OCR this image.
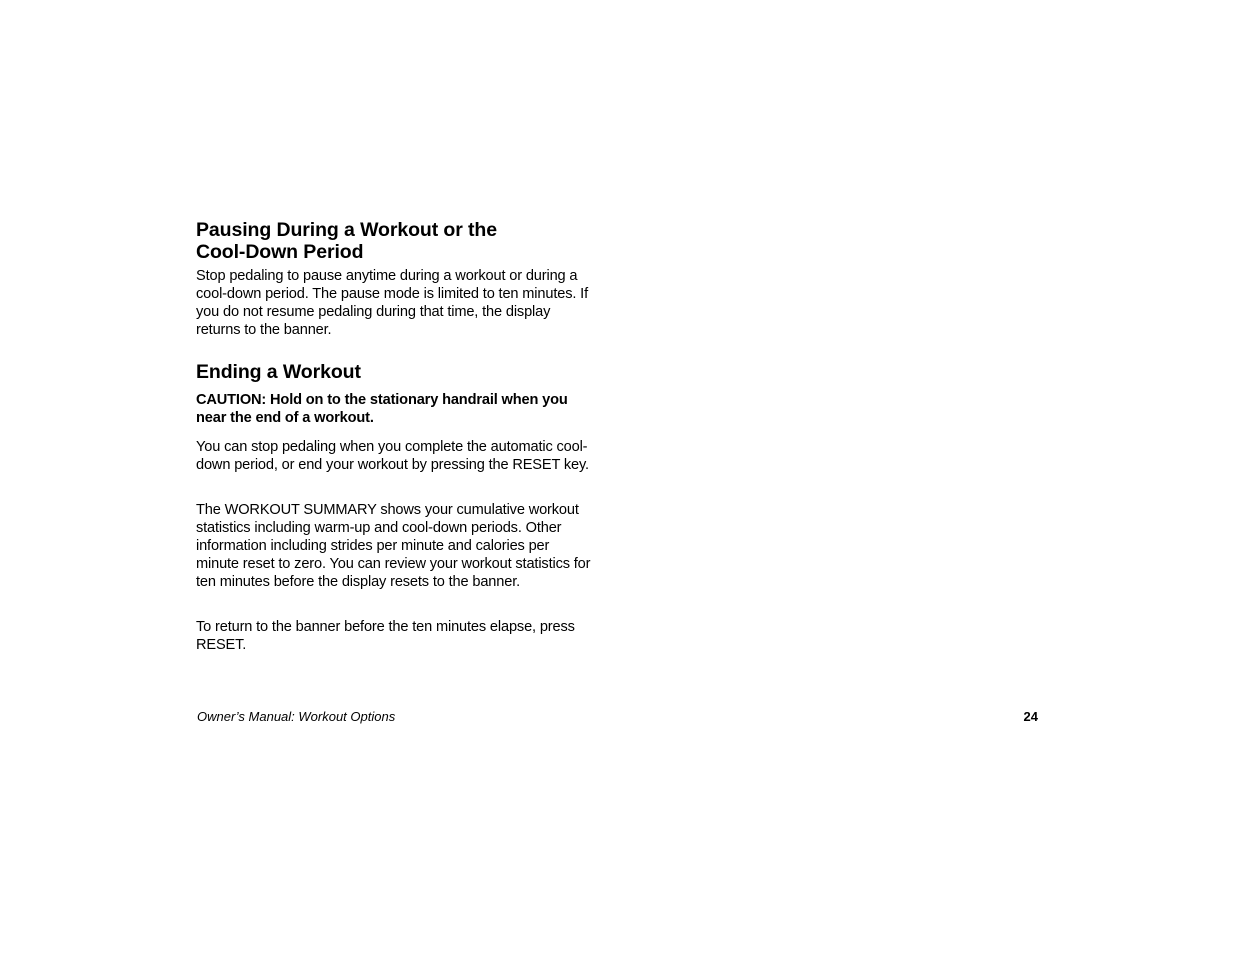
Pausing During a Workout or the
Cool-Down Period

Stop pedaling to pause anytime during a workout or during a cool-down period. The pause mode is limited to ten minutes. If you do not resume pedaling during that time, the display returns to the banner.

Ending a Workout

CAUTION: Hold on to the stationary handrail when you near the end of a workout.

You can stop pedaling when you complete the automatic cool-down period, or end your workout by pressing the RESET key.

The WORKOUT SUMMARY shows your cumulative workout statistics including warm-up and cool-down periods. Other information including strides per minute and calories per minute reset to zero. You can review your workout statistics for ten minutes before the display resets to the banner.

To return to the banner before the ten minutes elapse, press RESET.

Owner’s Manual: Workout Options	24
